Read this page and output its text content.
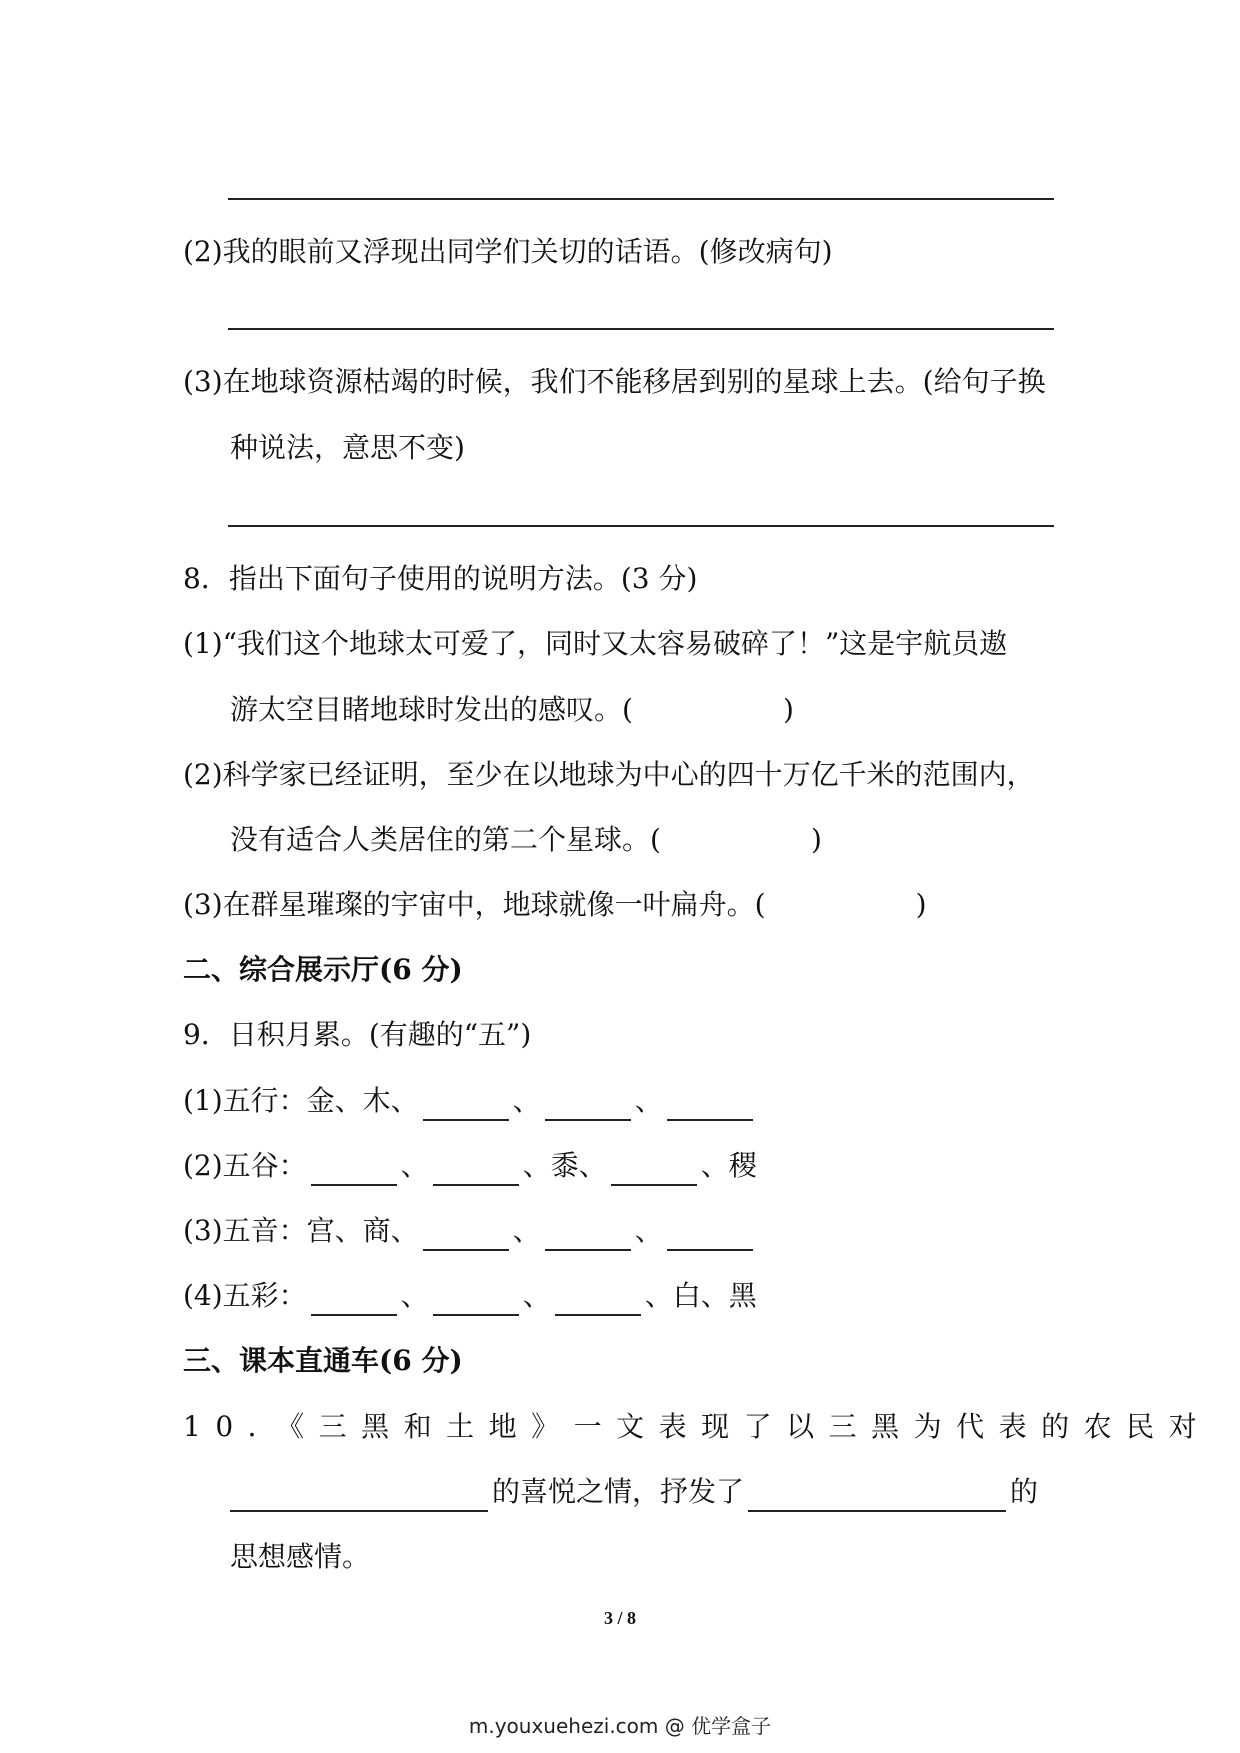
(2)我的眼前又浮现出同学们关切的话语。(修改病句)
(3)在地球资源枯竭的时候，我们不能移居到别的星球上去。(给句子换
种说法，意思不变)
8．指出下面句子使用的说明方法。(3 分)
(1)“我们这个地球太可爱了，同时又太容易破碎了！”这是宇航员遨
游太空目睹地球时发出的感叹。(	)
(2)科学家已经证明，至少在以地球为中心的四十万亿千米的范围内，
没有适合人类居住的第二个星球。(	)
(3)在群星璀璨的宇宙中，地球就像一叶扁舟。(	)
二、综合展示厅(6 分)
9．日积月累。(有趣的“五”)
(1)五行：金、木、	、	、
(2)五谷：	、	、黍、	、稷
(3)五音：宫、商、	、	、
(4)五彩：	、	、	、白、黑
三、课本直通车(6 分)
10．《三黑和土地》一文表现了以三黑为代表的农民对
的喜悦之情，抒发了	的
思想感情。
3 / 8
m.youxuehezi.com @ 优学盒子
